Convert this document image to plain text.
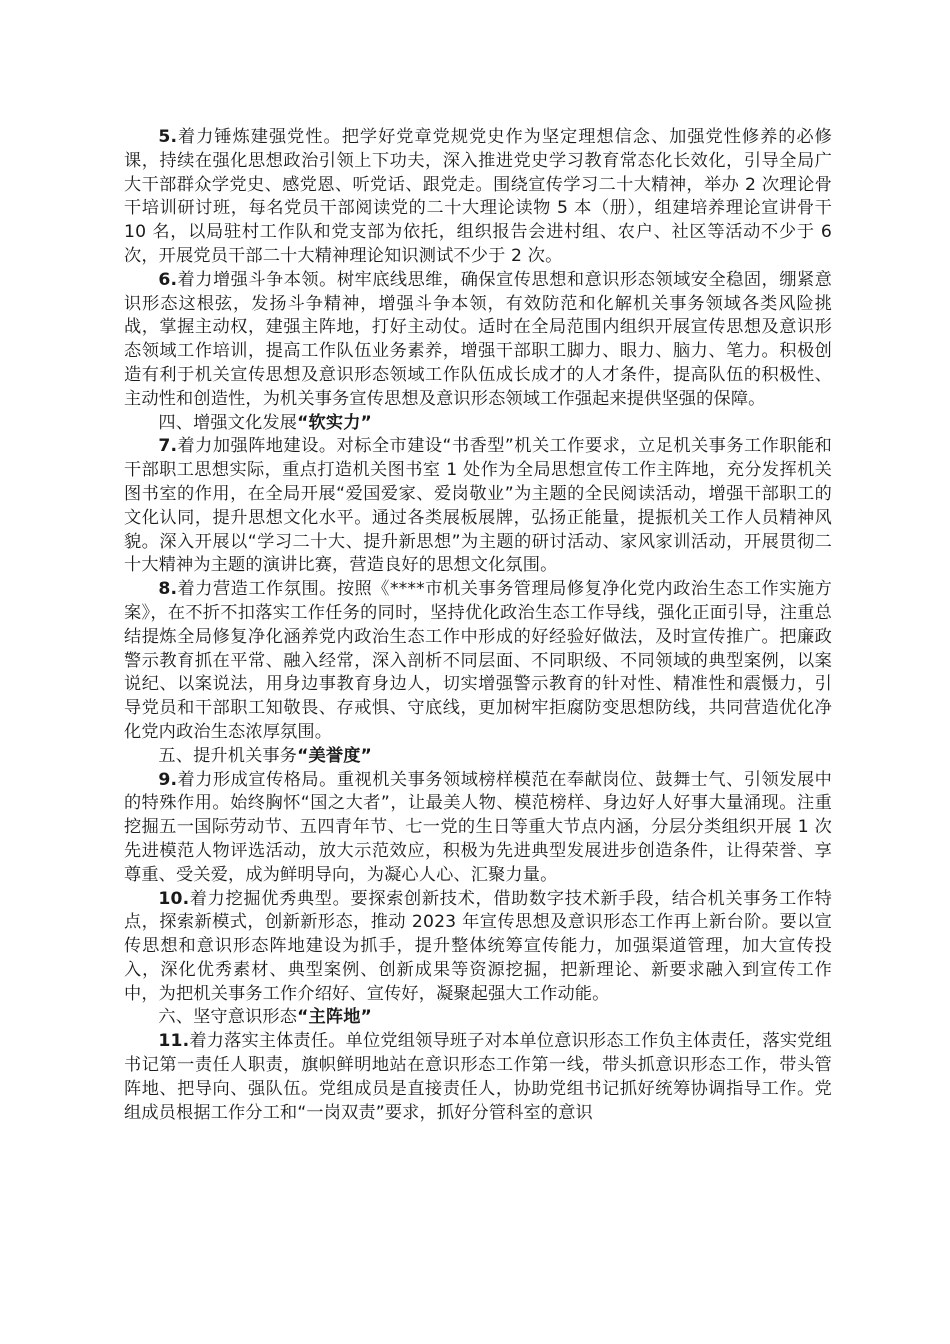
5.着力锤炼建强党性。把学好党章党规党史作为坚定理想信念、加强党性修养的必修课，持续在强化思想政治引领上下功夫，深入推进党史学习教育常态化长效化，引导全局广大干部群众学党史、感党恩、听党话、跟党走。围绕宣传学习二十大精神，举办 2 次理论骨干培训研讨班，每名党员干部阅读党的二十大理论读物 5 本（册），组建培养理论宣讲骨干 10 名，以局驻村工作队和党支部为依托，组织报告会进村组、农户、社区等活动不少于 6 次，开展党员干部二十大精神理论知识测试不少于 2 次。

6.着力增强斗争本领。树牢底线思维，确保宣传思想和意识形态领域安全稳固，绷紧意识形态这根弦，发扬斗争精神，增强斗争本领，有效防范和化解机关事务领域各类风险挑战，掌握主动权，建强主阵地，打好主动仗。适时在全局范围内组织开展宣传思想及意识形态领域工作培训，提高工作队伍业务素养，增强干部职工脚力、眼力、脑力、笔力。积极创造有利于机关宣传思想及意识形态领域工作队伍成长成才的人才条件，提高队伍的积极性、主动性和创造性，为机关事务宣传思想及意识形态领域工作强起来提供坚强的保障。

四、增强文化发展“软实力”

7.着力加强阵地建设。对标全市建设“书香型”机关工作要求，立足机关事务工作职能和干部职工思想实际，重点打造机关图书室 1 处作为全局思想宣传工作主阵地，充分发挥机关图书室的作用，在全局开展“爱国爱家、爱岗敬业”为主题的全民阅读活动，增强干部职工的文化认同，提升思想文化水平。通过各类展板展牌，弘扬正能量，提振机关工作人员精神风貌。深入开展以“学习二十大、提升新思想”为主题的研讨活动、家风家训活动，开展贯彻二十大精神为主题的演讲比赛，营造良好的思想文化氛围。

8.着力营造工作氛围。按照《****市机关事务管理局修复净化党内政治生态工作实施方案》，在不折不扣落实工作任务的同时，坚持优化政治生态工作导线，强化正面引导，注重总结提炼全局修复净化涵养党内政治生态工作中形成的好经验好做法，及时宣传推广。把廉政警示教育抓在平常、融入经常，深入剖析不同层面、不同职级、不同领域的典型案例，以案说纪、以案说法，用身边事教育身边人，切实增强警示教育的针对性、精准性和震慑力，引导党员和干部职工知敬畏、存戒惧、守底线，更加树牢拒腐防变思想防线，共同营造优化净化党内政治生态浓厚氛围。

五、提升机关事务“美誉度”

9.着力形成宣传格局。重视机关事务领域榜样模范在奉献岗位、鼓舞士气、引领发展中的特殊作用。始终胸怀“国之大者”，让最美人物、模范榜样、身边好人好事大量涌现。注重挖掘五一国际劳动节、五四青年节、七一党的生日等重大节点内涵，分层分类组织开展 1 次先进模范人物评选活动，放大示范效应，积极为先进典型发展进步创造条件，让得荣誉、享尊重、受关爱，成为鲜明导向，为凝心人心、汇聚力量。

10.着力挖掘优秀典型。要探索创新技术，借助数字技术新手段，结合机关事务工作特点，探索新模式，创新新形态，推动 2023 年宣传思想及意识形态工作再上新台阶。要以宣传思想和意识形态阵地建设为抓手，提升整体统筹宣传能力，加强渠道管理，加大宣传投入，深化优秀素材、典型案例、创新成果等资源挖掘，把新理论、新要求融入到宣传工作中，为把机关事务工作介绍好、宣传好，凝聚起强大工作动能。

六、坚守意识形态“主阵地”

11.着力落实主体责任。单位党组领导班子对本单位意识形态工作负主体责任，落实党组书记第一责任人职责，旗帜鲜明地站在意识形态工作第一线，带头抓意识形态工作，带头管阵地、把导向、强队伍。党组成员是直接责任人，协助党组书记抓好统筹协调指导工作。党组成员根据工作分工和“一岗双责”要求，抓好分管科室的意识
